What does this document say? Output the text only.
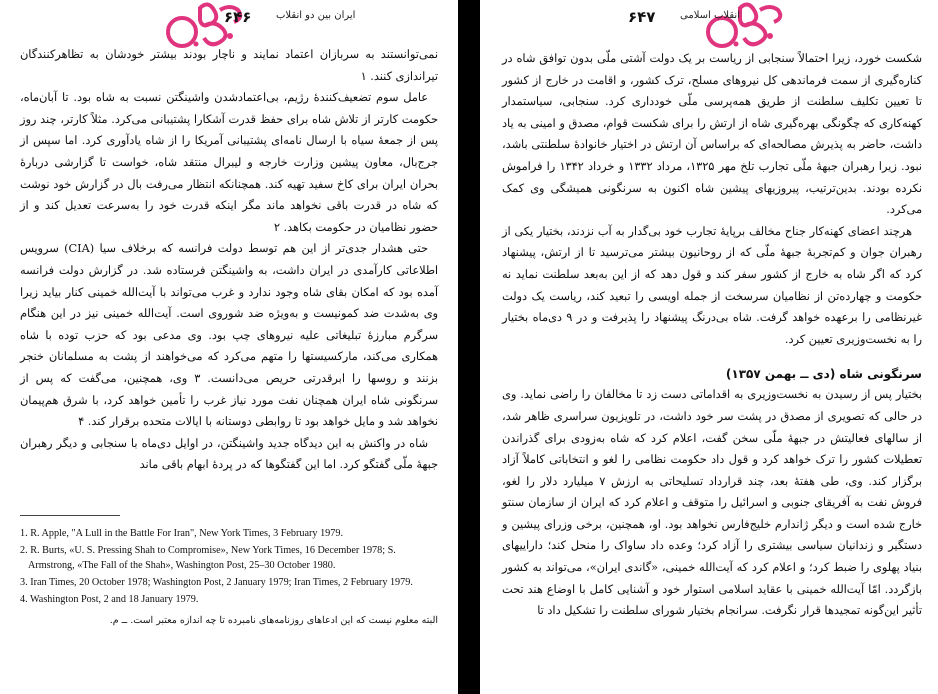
۶۴۶ ایران بین دو انقلاب

نمی‌توانستند به سربازان اعتماد نمایند و ناچار بودند بیشتر خودشان به تظاهرکنندگان تیراندازی کنند. ۱

عامل سوم تضعیف‌کنندهٔ رژیم، بی‌اعتمادشدن واشینگتن نسبت به شاه بود. تا آبان‌ماه، حکومت کارتر از تلاش شاه برای حفظ قدرت آشکارا پشتیبانی می‌کرد. مثلاً کارتر، چند روز پس از جمعهٔ سیاه با ارسال نامه‌ای پشتیبانی آمریکا را از شاه یادآوری کرد. اما سپس از جرج‌بال، معاون پیشین وزارت خارجه و لیبرال منتقد شاه، خواست تا گزارشی دربارهٔ بحران ایران برای کاخ سفید تهیه کند. همچنانکه انتظار می‌رفت بال در گزارش خود نوشت که شاه در قدرت باقی نخواهد ماند مگر اینکه قدرت خود را به‌سرعت تعدیل کند و از حضور نظامیان در حکومت بکاهد. ۲

حتی هشدار جدی‌تر از این هم توسط دولت فرانسه که برخلاف سیا (CIA) سرویس اطلاعاتی کارآمدی در ایران داشت، به واشینگتن فرستاده شد. در گزارش دولت فرانسه آمده بود که امکان بقای شاه وجود ندارد و غرب می‌تواند با آیت‌الله خمینی کنار بیاید زیرا وی به‌شدت ضد کمونیست و به‌ویژه ضد شوروی است. آیت‌الله خمینی نیز در این هنگام سرگرم مبارزهٔ تبلیغاتی علیه نیروهای چپ بود. وی مدعی بود که حزب توده با شاه همکاری می‌کند، مارکسیستها را متهم می‌کرد که می‌خواهند از پشت به مسلمانان خنجر بزنند و روسها را ابرقدرتی حریص می‌دانست. ۳ وی، همچنین، می‌گفت که پس از سرنگونی شاه ایران همچنان نفت مورد نیاز غرب را تأمین خواهد کرد، با شرق هم‌پیمان نخواهد شد و مایل خواهد بود تا روابطی دوستانه با ایالات متحده برقرار کند. ۴

شاه در واکنش به این دیدگاه جدید واشینگتن، در اوایل دی‌ماه با سنجابی و دیگر رهبران جبههٔ ملّی گفتگو کرد. اما این گفتگوها که در پردهٔ ابهام باقی ماند

1. R. Apple, "A Lull in the Battle For Iran", New York Times, 3 February 1979.
2. R. Burts, «U. S. Pressing Shah to Compromise», New York Times, 16 December 1978; S. Armstrong, «The Fall of the Shah», Washington Post, 25–30 October 1980.
3. Iran Times, 20 October 1978; Washington Post, 2 January 1979; Iran Times, 2 February 1979.
4. Washington Post, 2 and 18 January 1979.
البته معلوم نیست که این ادعاهای روزنامه‌های نامبرده تا چه اندازه معتبر است. ــ م.
۶۴۷ انقلاب اسلامی

شکست خورد، زیرا احتمالاً سنجابی از ریاست بر یک دولت آشتی ملّی بدون توافق شاه در کناره‌گیری از سمت فرماندهی کل نیروهای مسلح، ترک کشور، و اقامت در خارج از کشور تا تعیین تکلیف سلطنت از طریق همه‌پرسی ملّی خودداری کرد. سنجابی، سیاستمدار کهنه‌کاری که چگونگی بهره‌گیری شاه از ارتش را برای شکست قوام، مصدق و امینی به یاد داشت، حاضر به پذیرش مصالحه‌ای که براساس آن ارتش در اختیار خانوادهٔ سلطنتی باشد، نبود. زیرا رهبران جبههٔ ملّی تجارب تلخ مهر ۱۳۲۵، مرداد ۱۳۳۲ و خرداد ۱۳۴۲ را فراموش نکرده بودند. بدین‌ترتیب، پیروزیهای پیشین شاه اکنون به سرنگونی همیشگی وی کمک می‌کرد.

هرچند اعضای کهنه‌کار جناح مخالف برپایهٔ تجارب خود بی‌گدار به آب نزدند، بختیار یکی از رهبران جوان و کم‌تجربهٔ جبههٔ ملّی که از روحانیون بیشتر می‌ترسید تا از ارتش، پیشنهاد کرد که اگر شاه به خارج از کشور سفر کند و قول دهد که از این به‌بعد سلطنت نماید نه حکومت و چهارده‌تن از نظامیان سرسخت از جمله اویسی را تبعید کند، ریاست یک دولت غیرنظامی را برعهده خواهد گرفت. شاه بی‌درنگ پیشنهاد را پذیرفت و در ۹ دی‌ماه بختیار را به نخست‌وزیری تعیین کرد.

سرنگونی شاه (دی ــ بهمن ۱۳۵۷)

بختیار پس از رسیدن به نخست‌وزیری به اقداماتی دست زد تا مخالفان را راضی نماید. وی در حالی که تصویری از مصدق در پشت سر خود داشت، در تلویزیون سراسری ظاهر شد، از سالهای فعالیتش در جبههٔ ملّی سخن گفت، اعلام کرد که شاه به‌زودی برای گذراندن تعطیلات کشور را ترک خواهد کرد و قول داد حکومت نظامی را لغو و انتخاباتی کاملاً آزاد برگزار کند. وی، طی هفتهٔ بعد، چند قرارداد تسلیحاتی به ارزش ۷ میلیارد دلار را لغو، فروش نفت به آفریقای جنوبی و اسرائیل را متوقف و اعلام کرد که ایران از سازمان سنتو خارج شده است و دیگر ژاندارم خلیج‌فارس نخواهد بود. او، همچنین، برخی وزرای پیشین و دستگیر و زندانیان سیاسی بیشتری را آزاد کرد؛ وعده داد ساواک را منحل کند؛ داراییهای بنیاد پهلوی را ضبط کرد؛ و اعلام کرد که آیت‌الله خمینی، «گاندی ایران»، می‌تواند به کشور بازگردد. امّا آیت‌الله خمینی با عقاید اسلامی استوار خود و آشنایی کامل با اوضاع هند تحت تأثیر این‌گونه تمجیدها قرار نگرفت. سرانجام بختیار شورای سلطنت را تشکیل داد تا
